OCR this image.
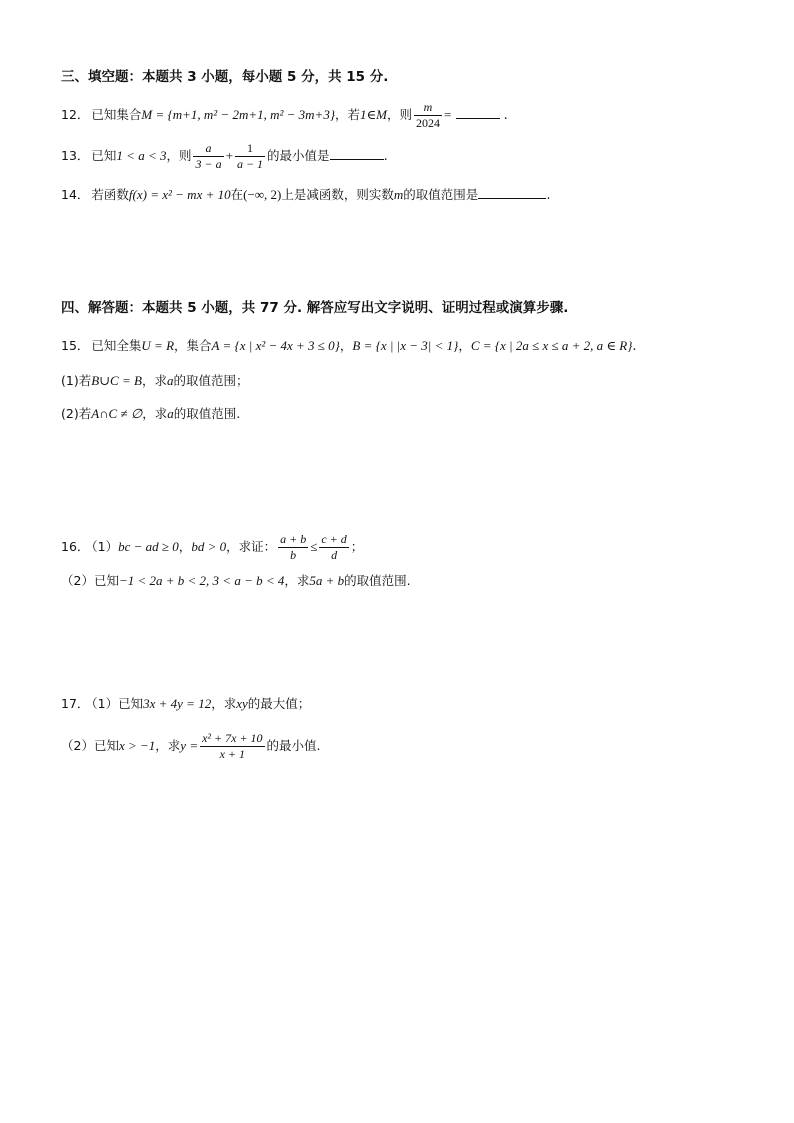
三、填空题：本题共 3 小题，每小题 5 分，共 15 分.
12． 已知集合M = {m+1, m² − 2m+1, m² − 3m+3}，若1∈M，则 $\frac{m}{2024}$ =	.
13． 已知1 < a < 3，则 $\frac{a}{3 - a} + \frac{1}{a - 1}$ 的最小值是	.
14． 若函数f(x) = x² − mx + 10在(−∞, 2)上是减函数，则实数m的取值范围是	.
四、解答题：本题共 5 小题，共 77 分. 解答应写出文字说明、证明过程或演算步骤.
15． 已知全集U = R，集合A = {x | x² − 4x + 3 ≤ 0}，B = {x | |x − 3| < 1}，C = {x | 2a ≤ x ≤ a + 2, a ∈ R}.
(1)若B∪C = B，求a的取值范围；
(2)若A∩C ≠ ∅，求a的取值范围.
16． （1）bc − ad ≥ 0，bd > 0，求证： $\frac{a + b}{b} \le \frac{c + d}{d}$ ；
（2）已知−1 < 2a + b < 2, 3 < a − b < 4，求5a + b的取值范围.
17． （1）已知3x + 4y = 12，求xy的最大值；
（2）已知x > −1，求$y = \frac{\text{x² + 7x + 10}}{x + 1}$ 的最小值.
